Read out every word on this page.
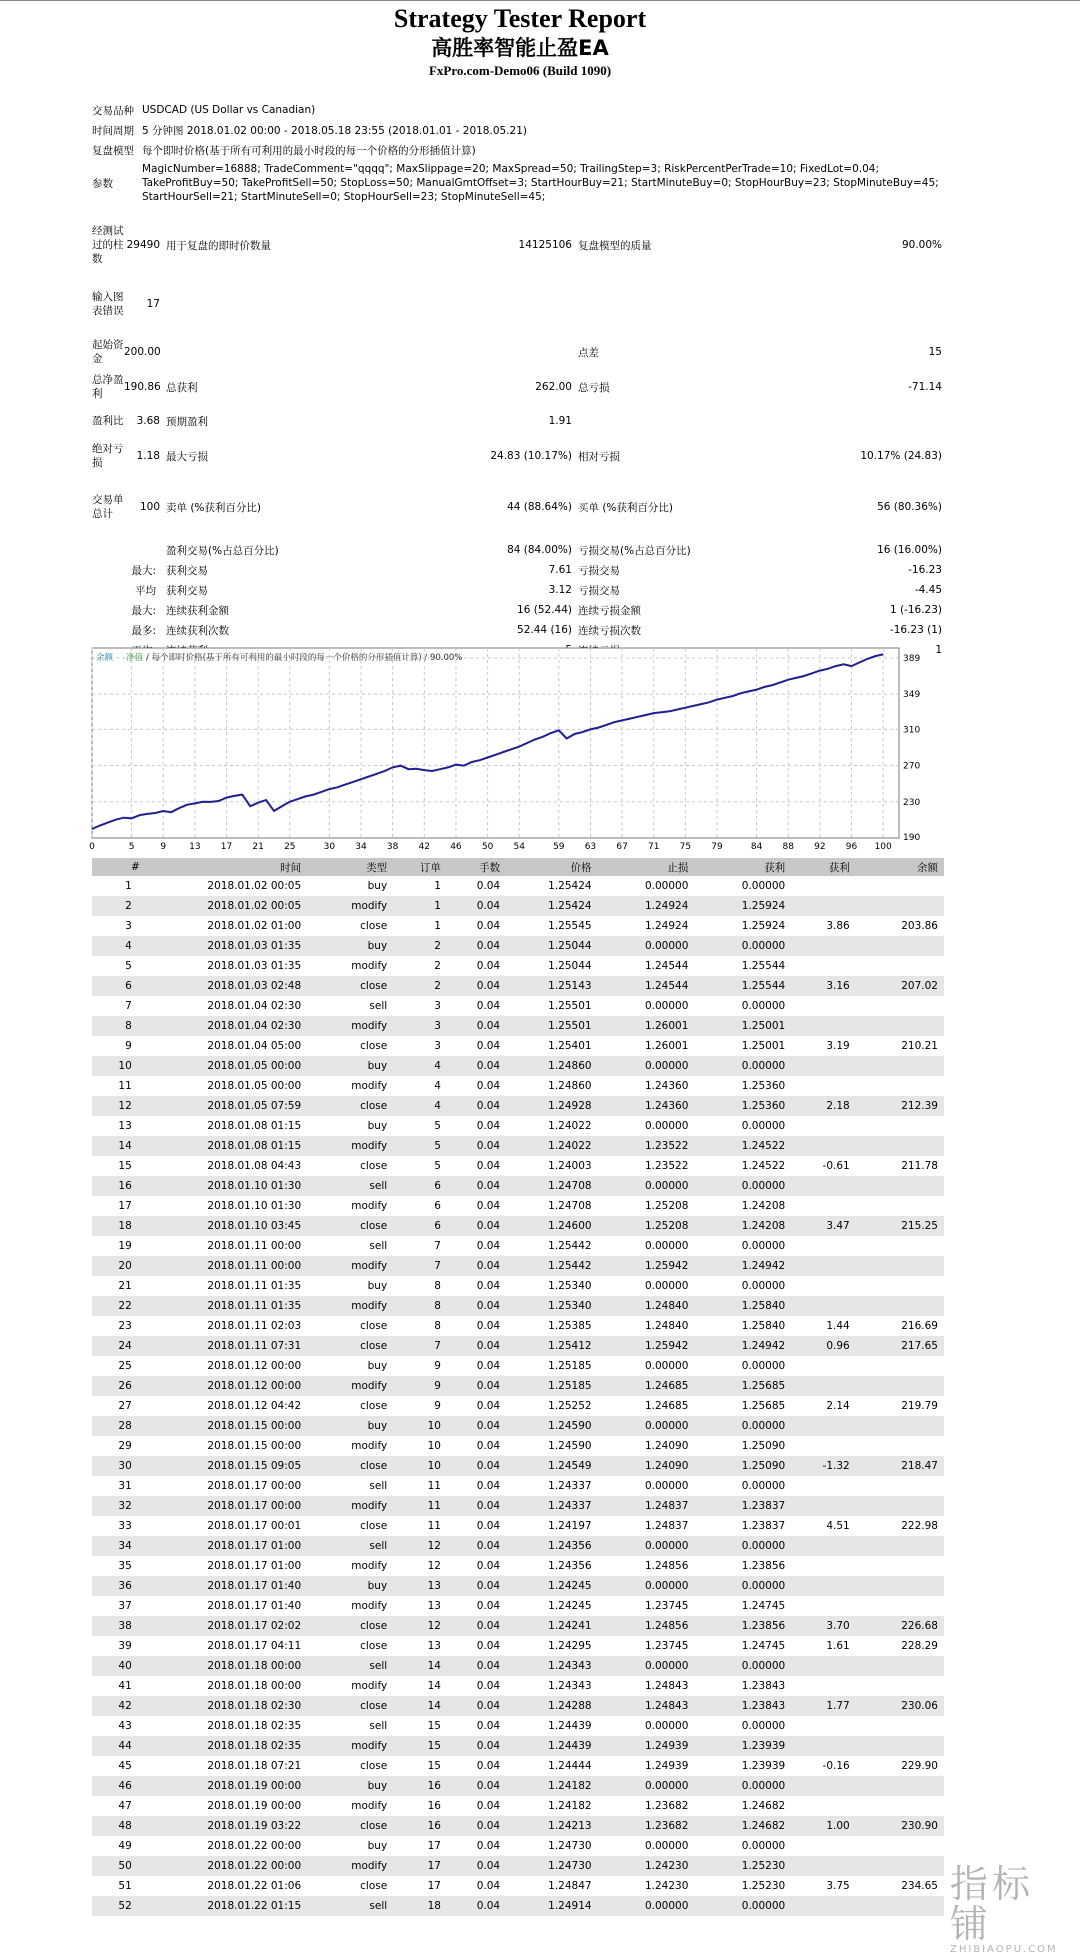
Strategy Tester Report
高胜率智能止盈EA
FxPro.com-Demo06 (Build 1090)
交易品种 USDCAD (US Dollar vs Canadian)
时间周期 5 分钟图 2018.01.02 00:00 - 2018.05.18 23:55 (2018.01.01 - 2018.05.21)
复盘模型 每个即时价格(基于所有可利用的最小时段的每一个价格的分形插值计算)
参数
MagicNumber=16888; TradeComment="qqqq"; MaxSlippage=20; MaxSpread=50; TrailingStep=3; RiskPercentPerTrade=10; FixedLot=0.04; TakeProfitBuy=50; TakeProfitSell=50; StopLoss=50; ManualGmtOffset=3; StartHourBuy=21; StartMinuteBuy=0; StopHourBuy=23; StopMinuteBuy=45; StartHourSell=21; StartMinuteSell=0; StopHourSell=23; StopMinuteSell=45;
经测试过的柱数
29490 用于复盘的即时价数量	14125106 复盘模型的质量	90.00%
输入图表错误
17
起始资金
200.00	点差	15
总净盈利
190.86 总获利	262.00 总亏损	-71.14
盈利比	3.68 预期盈利	1.91
绝对亏损
1.18 最大亏损	24.83 (10.17%) 相对亏损	10.17% (24.83)
交易单总计
100 卖单 (%获利百分比)	44 (88.64%) 买单 (%获利百分比)	56 (80.36%)
盈利交易(%占总百分比)	84 (84.00%) 亏损交易(%占总百分比)	16 (16.00%)
最大: 获利交易	7.61 亏损交易	-16.23
平均 获利交易	3.12 亏损交易	-4.45
最大: 连续获利金额	16 (52.44) 连续亏损金额	1 (-16.23)
最多: 连续获利次数	52.44 (16) 连续亏损次数	-16.23 (1)
1
190
230
270
310
349
389
0	5	9	13 17 21 25	30 34 38 42 46 50 54	59 63 67 71 75 79	84 88 92 96 100
余额 净值 / 每个即时价格(基于所有可利用的最小时段的每一个价格的分形插值计算) / 90.00%
#	时间	类型	订单	手数	价格	止损	获利	获利	余额
1	2018.01.02 00:05	buy	1	0.04	1.25424	0.00000	0.00000		
2	2018.01.02 00:05	modify	1	0.04	1.25424	1.24924	1.25924		
3	2018.01.02 01:00	close	1	0.04	1.25545	1.24924	1.25924	3.86	203.86
4	2018.01.03 01:35	buy	2	0.04	1.25044	0.00000	0.00000		
5	2018.01.03 01:35	modify	2	0.04	1.25044	1.24544	1.25544		
6	2018.01.03 02:48	close	2	0.04	1.25143	1.24544	1.25544	3.16	207.02
7	2018.01.04 02:30	sell	3	0.04	1.25501	0.00000	0.00000		
8	2018.01.04 02:30	modify	3	0.04	1.25501	1.26001	1.25001		
9	2018.01.04 05:00	close	3	0.04	1.25401	1.26001	1.25001	3.19	210.21
10	2018.01.05 00:00	buy	4	0.04	1.24860	0.00000	0.00000		
11	2018.01.05 00:00	modify	4	0.04	1.24860	1.24360	1.25360		
12	2018.01.05 07:59	close	4	0.04	1.24928	1.24360	1.25360	2.18	212.39
13	2018.01.08 01:15	buy	5	0.04	1.24022	0.00000	0.00000		
14	2018.01.08 01:15	modify	5	0.04	1.24022	1.23522	1.24522		
15	2018.01.08 04:43	close	5	0.04	1.24003	1.23522	1.24522	-0.61	211.78
16	2018.01.10 01:30	sell	6	0.04	1.24708	0.00000	0.00000		
17	2018.01.10 01:30	modify	6	0.04	1.24708	1.25208	1.24208		
18	2018.01.10 03:45	close	6	0.04	1.24600	1.25208	1.24208	3.47	215.25
19	2018.01.11 00:00	sell	7	0.04	1.25442	0.00000	0.00000		
20	2018.01.11 00:00	modify	7	0.04	1.25442	1.25942	1.24942		
21	2018.01.11 01:35	buy	8	0.04	1.25340	0.00000	0.00000		
22	2018.01.11 01:35	modify	8	0.04	1.25340	1.24840	1.25840		
23	2018.01.11 02:03	close	8	0.04	1.25385	1.24840	1.25840	1.44	216.69
24	2018.01.11 07:31	close	7	0.04	1.25412	1.25942	1.24942	0.96	217.65
25	2018.01.12 00:00	buy	9	0.04	1.25185	0.00000	0.00000		
26	2018.01.12 00:00	modify	9	0.04	1.25185	1.24685	1.25685		
27	2018.01.12 04:42	close	9	0.04	1.25252	1.24685	1.25685	2.14	219.79
28	2018.01.15 00:00	buy	10	0.04	1.24590	0.00000	0.00000		
29	2018.01.15 00:00	modify	10	0.04	1.24590	1.24090	1.25090		
30	2018.01.15 09:05	close	10	0.04	1.24549	1.24090	1.25090	-1.32	218.47
31	2018.01.17 00:00	sell	11	0.04	1.24337	0.00000	0.00000		
32	2018.01.17 00:00	modify	11	0.04	1.24337	1.24837	1.23837		
33	2018.01.17 00:01	close	11	0.04	1.24197	1.24837	1.23837	4.51	222.98
34	2018.01.17 01:00	sell	12	0.04	1.24356	0.00000	0.00000		
35	2018.01.17 01:00	modify	12	0.04	1.24356	1.24856	1.23856		
36	2018.01.17 01:40	buy	13	0.04	1.24245	0.00000	0.00000		
37	2018.01.17 01:40	modify	13	0.04	1.24245	1.23745	1.24745		
38	2018.01.17 02:02	close	12	0.04	1.24241	1.24856	1.23856	3.70	226.68
39	2018.01.17 04:11	close	13	0.04	1.24295	1.23745	1.24745	1.61	228.29
40	2018.01.18 00:00	sell	14	0.04	1.24343	0.00000	0.00000		
41	2018.01.18 00:00	modify	14	0.04	1.24343	1.24843	1.23843		
42	2018.01.18 02:30	close	14	0.04	1.24288	1.24843	1.23843	1.77	230.06
43	2018.01.18 02:35	sell	15	0.04	1.24439	0.00000	0.00000		
44	2018.01.18 02:35	modify	15	0.04	1.24439	1.24939	1.23939		
45	2018.01.18 07:21	close	15	0.04	1.24444	1.24939	1.23939	-0.16	229.90
46	2018.01.19 00:00	buy	16	0.04	1.24182	0.00000	0.00000		
47	2018.01.19 00:00	modify	16	0.04	1.24182	1.23682	1.24682		
48	2018.01.19 03:22	close	16	0.04	1.24213	1.23682	1.24682	1.00	230.90
49	2018.01.22 00:00	buy	17	0.04	1.24730	0.00000	0.00000		
50	2018.01.22 00:00	modify	17	0.04	1.24730	1.24230	1.25230		
51	2018.01.22 01:06	close	17	0.04	1.24847	1.24230	1.25230	3.75	234.65
52	2018.01.22 01:15	sell	18	0.04	1.24914	0.00000	0.00000			指标铺
ZHIBIAOPU.COM
